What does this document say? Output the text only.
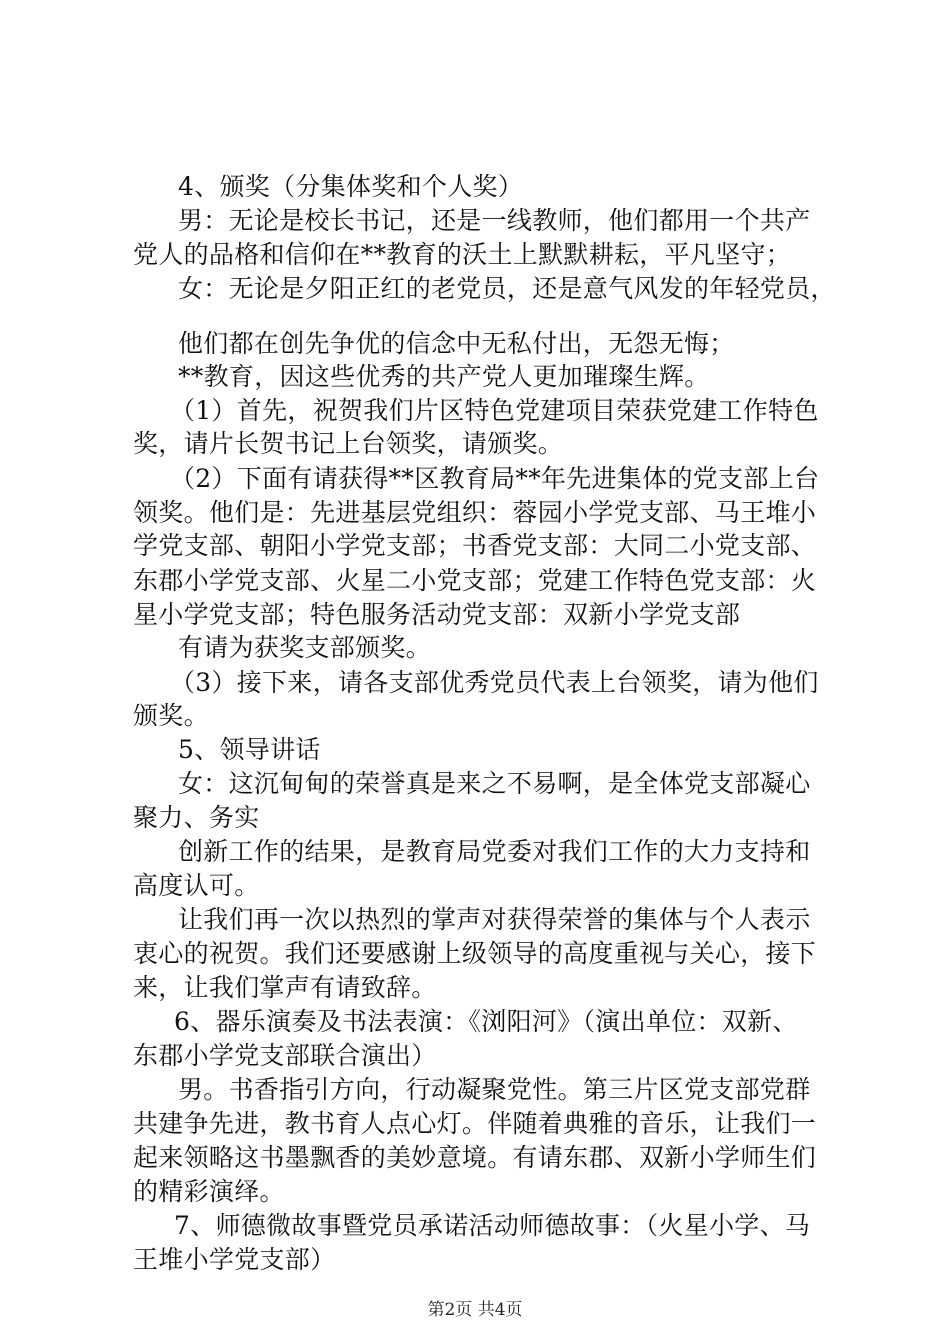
4、颁奖（分集体奖和个人奖）
男：无论是校长书记，还是一线教师，他们都用一个共产
党人的品格和信仰在**教育的沃土上默默耕耘，平凡坚守；
女：无论是夕阳正红的老党员，还是意气风发的年轻党员，
他们都在创先争优的信念中无私付出，无怨无悔；
**教育，因这些优秀的共产党人更加璀璨生辉。
（1）首先，祝贺我们片区特色党建项目荣获党建工作特色
奖，请片长贺书记上台领奖，请颁奖。
（2）下面有请获得**区教育局**年先进集体的党支部上台
领奖。他们是：先进基层党组织：蓉园小学党支部、马王堆小
学党支部、朝阳小学党支部；书香党支部：大同二小党支部、
东郡小学党支部、火星二小党支部；党建工作特色党支部：火
星小学党支部；特色服务活动党支部：双新小学党支部
有请为获奖支部颁奖。
（3）接下来，请各支部优秀党员代表上台领奖，请为他们
颁奖。
5、领导讲话
女：这沉甸甸的荣誉真是来之不易啊，是全体党支部凝心
聚力、务实
创新工作的结果，是教育局党委对我们工作的大力支持和
高度认可。
让我们再一次以热烈的掌声对获得荣誉的集体与个人表示
衷心的祝贺。我们还要感谢上级领导的高度重视与关心，接下
来，让我们掌声有请致辞。
6、器乐演奏及书法表演：《浏阳河》（演出单位：双新、
东郡小学党支部联合演出）
男。书香指引方向，行动凝聚党性。第三片区党支部党群
共建争先进，教书育人点心灯。伴随着典雅的音乐，让我们一
起来领略这书墨飘香的美妙意境。有请东郡、双新小学师生们
的精彩演绎。
7、师德微故事暨党员承诺活动师德故事：（火星小学、马
王堆小学党支部）
第2页 共4页
